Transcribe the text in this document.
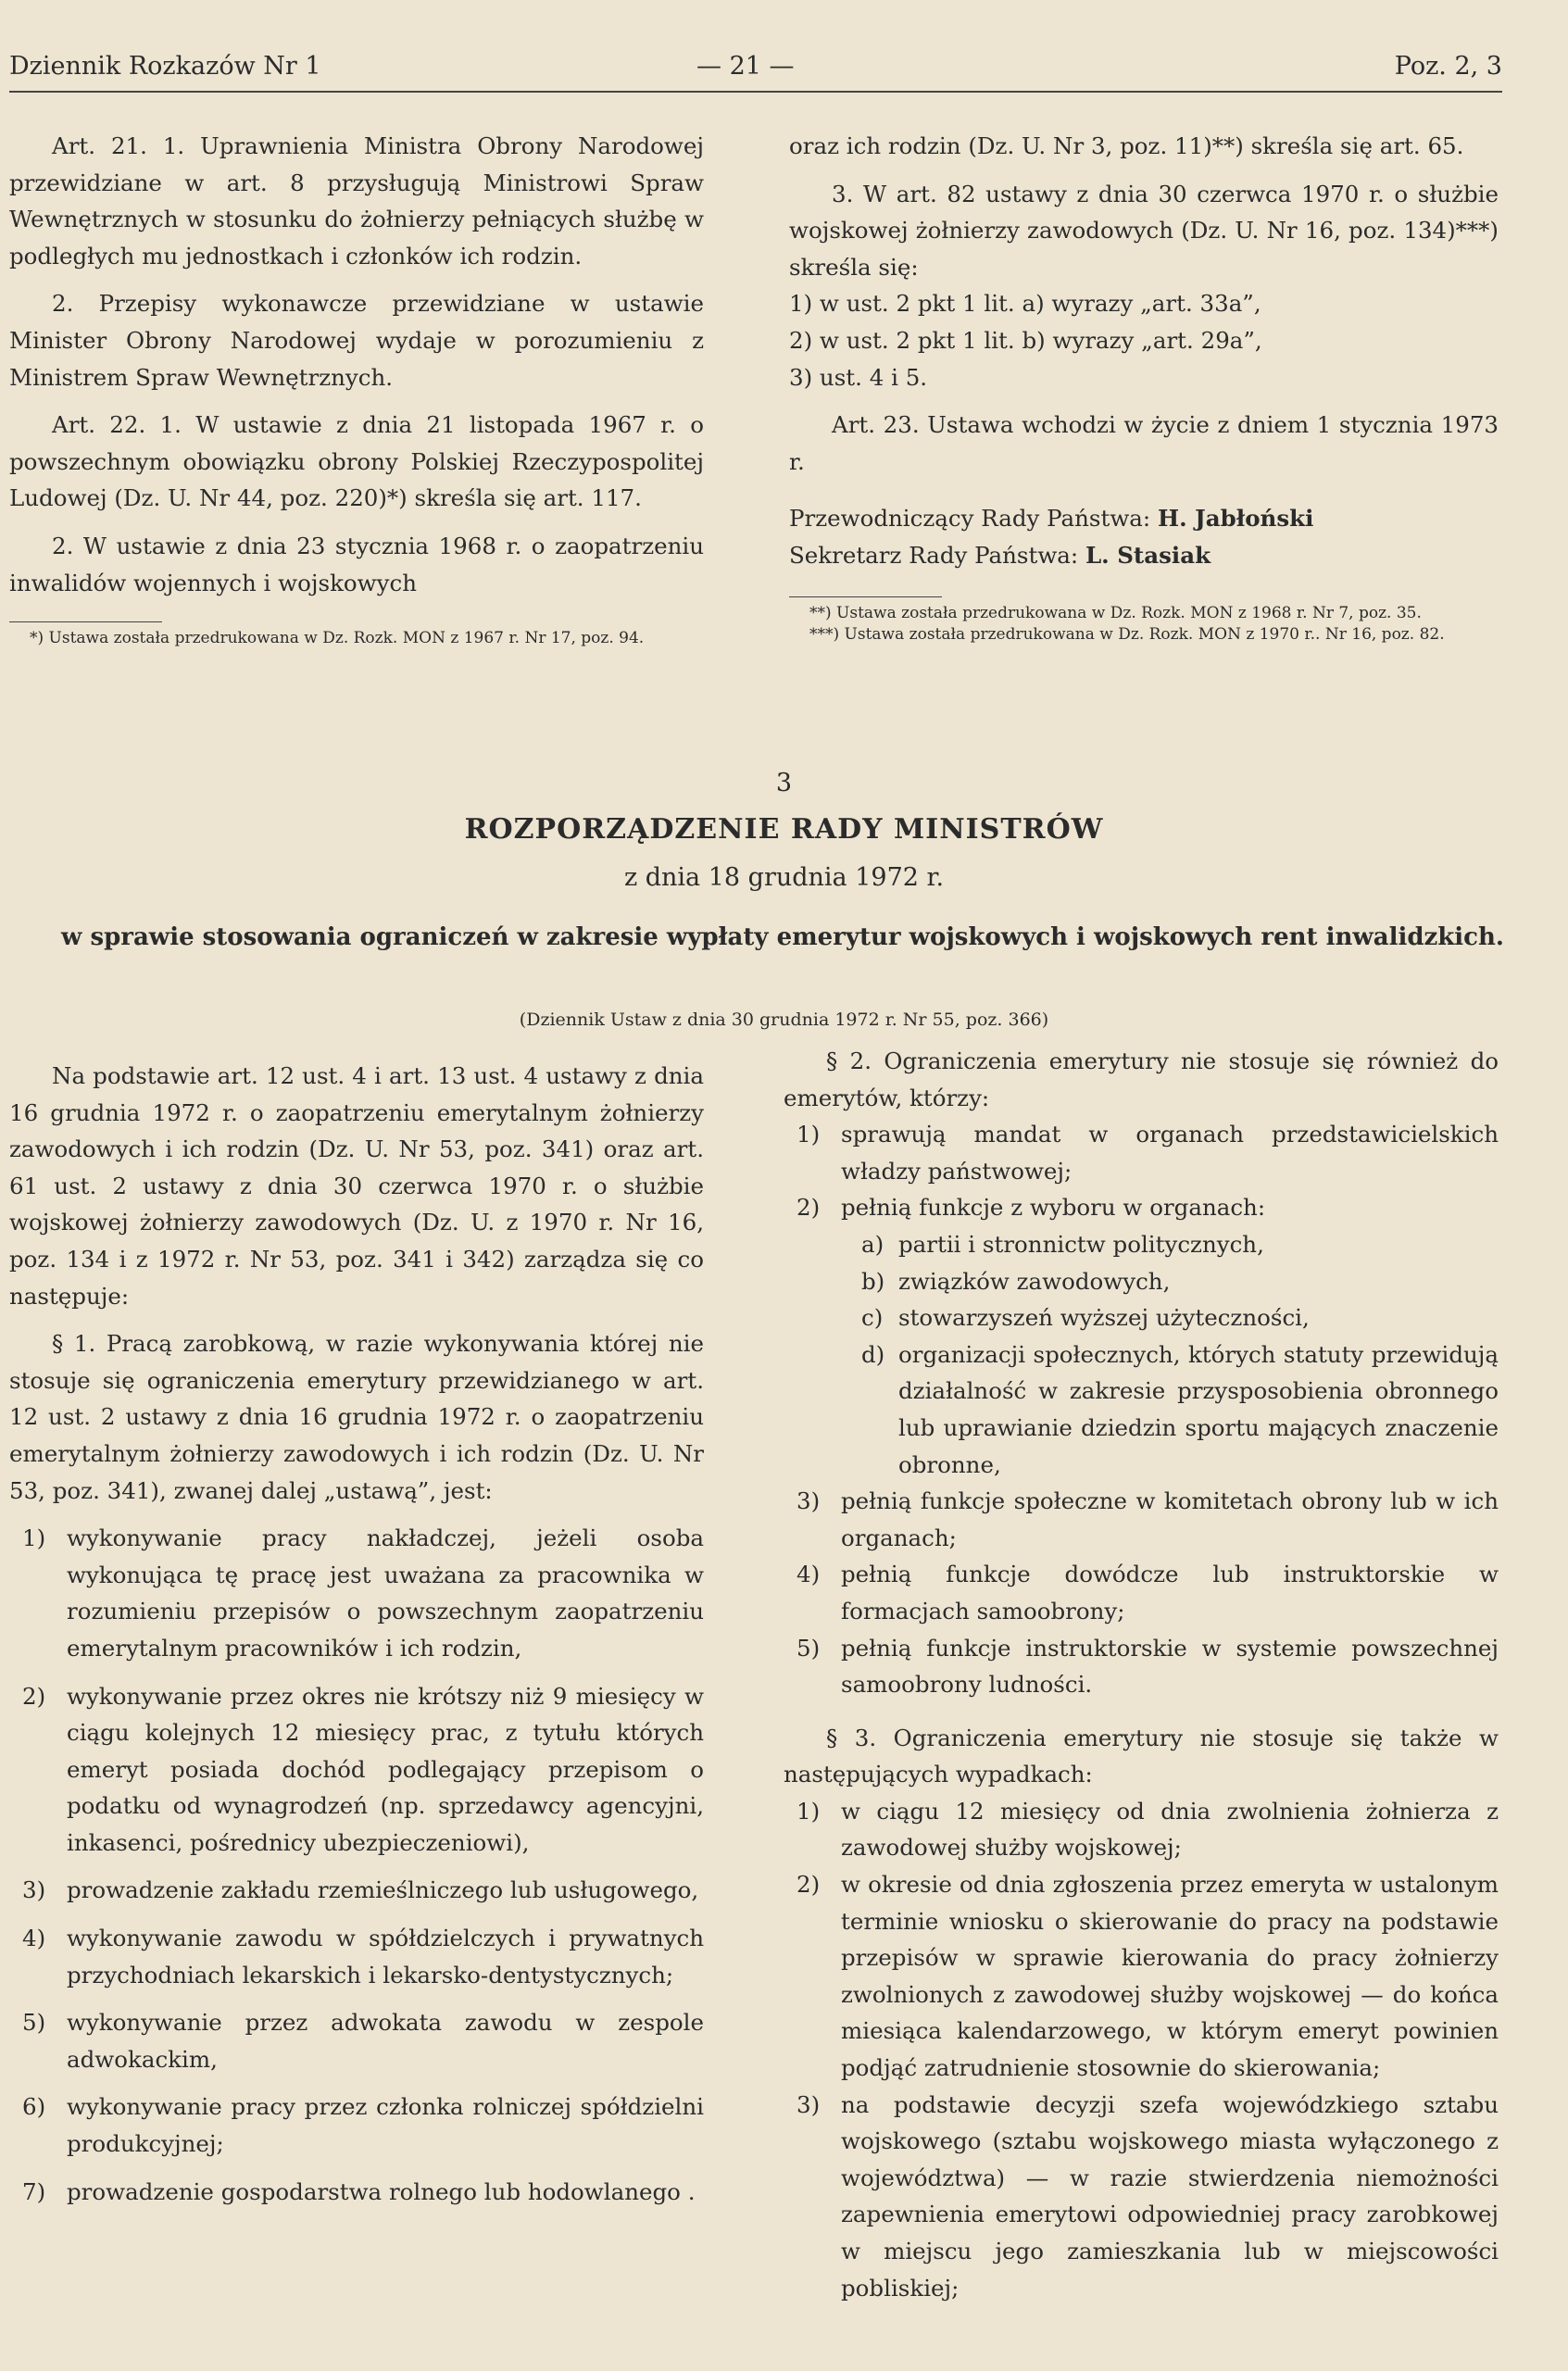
Dziennik Rozkazów Nr 1	— 21 —	Poz. 2, 3

Art. 21. 1. Uprawnienia Ministra Obrony Narodowej przewidziane w art. 8 przysługują Ministrowi Spraw Wewnętrznych w stosunku do żołnierzy pełniących służbę w podległych mu jednostkach i członków ich rodzin.

2. Przepisy wykonawcze przewidziane w ustawie Minister Obrony Narodowej wydaje w porozumieniu z Ministrem Spraw Wewnętrznych.

Art. 22. 1. W ustawie z dnia 21 listopada 1967 r. o powszechnym obowiązku obrony Polskiej Rzeczypospolitej Ludowej (Dz. U. Nr 44, poz. 220)*) skreśla się art. 117.

2. W ustawie z dnia 23 stycznia 1968 r. o zaopatrzeniu inwalidów wojennych i wojskowych

*) Ustawa została przedrukowana w Dz. Rozk. MON z 1967 r. Nr 17, poz. 94.

oraz ich rodzin (Dz. U. Nr 3, poz. 11)**) skreśla się art. 65.

3. W art. 82 ustawy z dnia 30 czerwca 1970 r. o służbie wojskowej żołnierzy zawodowych (Dz. U. Nr 16, poz. 134)***) skreśla się:

1) w ust. 2 pkt 1 lit. a) wyrazy „art. 33a”,
2) w ust. 2 pkt 1 lit. b) wyrazy „art. 29a”,
3) ust. 4 i 5.

Art. 23. Ustawa wchodzi w życie z dniem 1 stycznia 1973 r.

Przewodniczący Rady Państwa: H. Jabłoński
Sekretarz Rady Państwa: L. Stasiak

**) Ustawa została przedrukowana w Dz. Rozk. MON z 1968 r. Nr 7, poz. 35.

***) Ustawa została przedrukowana w Dz. Rozk. MON z 1970 r.. Nr 16, poz. 82.

3
ROZPORZĄDZENIE RADY MINISTRÓW
z dnia 18 grudnia 1972 r.
w sprawie stosowania ograniczeń w zakresie wypłaty emerytur wojskowych i wojskowych rent inwalidzkich.
(Dziennik Ustaw z dnia 30 grudnia 1972 r. Nr 55, poz. 366)

Na podstawie art. 12 ust. 4 i art. 13 ust. 4 ustawy z dnia 16 grudnia 1972 r. o zaopatrzeniu emerytalnym żołnierzy zawodowych i ich rodzin (Dz. U. Nr 53, poz. 341) oraz art. 61 ust. 2 ustawy z dnia 30 czerwca 1970 r. o służbie wojskowej żołnierzy zawodowych (Dz. U. z 1970 r. Nr 16, poz. 134 i z 1972 r. Nr 53, poz. 341 i 342) zarządza się co następuje:

§ 1. Pracą zarobkową, w razie wykonywania której nie stosuje się ograniczenia emerytury przewidzianego w art. 12 ust. 2 ustawy z dnia 16 grudnia 1972 r. o zaopatrzeniu emerytalnym żołnierzy zawodowych i ich rodzin (Dz. U. Nr 53, poz. 341), zwanej dalej „ustawą”, jest:

1) wykonywanie pracy nakładczej, jeżeli osoba wykonująca tę pracę jest uważana za pracownika w rozumieniu przepisów o powszechnym zaopatrzeniu emerytalnym pracowników i ich rodzin,
2) wykonywanie przez okres nie krótszy niż 9 miesięcy w ciągu kolejnych 12 miesięcy prac, z tytułu których emeryt posiada dochód podlegający przepisom o podatku od wynagrodzeń (np. sprzedawcy agencyjni, inkasenci, pośrednicy ubezpieczeniowi),
3) prowadzenie zakładu rzemieślniczego lub usługowego,
4) wykonywanie zawodu w spółdzielczych i prywatnych przychodniach lekarskich i lekarsko-dentystycznych;
5) wykonywanie przez adwokata zawodu w zespole adwokackim,
6) wykonywanie pracy przez członka rolniczej spółdzielni produkcyjnej;
7) prowadzenie gospodarstwa rolnego lub hodowlanego .

§ 2. Ograniczenia emerytury nie stosuje się również do emerytów, którzy:

1) sprawują mandat w organach przedstawicielskich władzy państwowej;
2) pełnią funkcje z wyboru w organach:
a) partii i stronnictw politycznych,
b) związków zawodowych,
c) stowarzyszeń wyższej użyteczności,
d) organizacji społecznych, których statuty przewidują działalność w zakresie przysposobienia obronnego lub uprawianie dziedzin sportu mających znaczenie obronne,
3) pełnią funkcje społeczne w komitetach obrony lub w ich organach;
4) pełnią funkcje dowódcze lub instruktorskie w formacjach samoobrony;
5) pełnią funkcje instruktorskie w systemie powszechnej samoobrony ludności.

§ 3. Ograniczenia emerytury nie stosuje się także w następujących wypadkach:

1) w ciągu 12 miesięcy od dnia zwolnienia żołnierza z zawodowej służby wojskowej;
2) w okresie od dnia zgłoszenia przez emeryta w ustalonym terminie wniosku o skierowanie do pracy na podstawie przepisów w sprawie kierowania do pracy żołnierzy zwolnionych z zawodowej służby wojskowej — do końca miesiąca kalendarzowego, w którym emeryt powinien podjąć zatrudnienie stosownie do skierowania;
3) na podstawie decyzji szefa wojewódzkiego sztabu wojskowego (sztabu wojskowego miasta wyłączonego z województwa) — w razie stwierdzenia niemożności zapewnienia emerytowi odpowiedniej pracy zarobkowej w miejscu jego zamieszkania lub w miejscowości pobliskiej;
